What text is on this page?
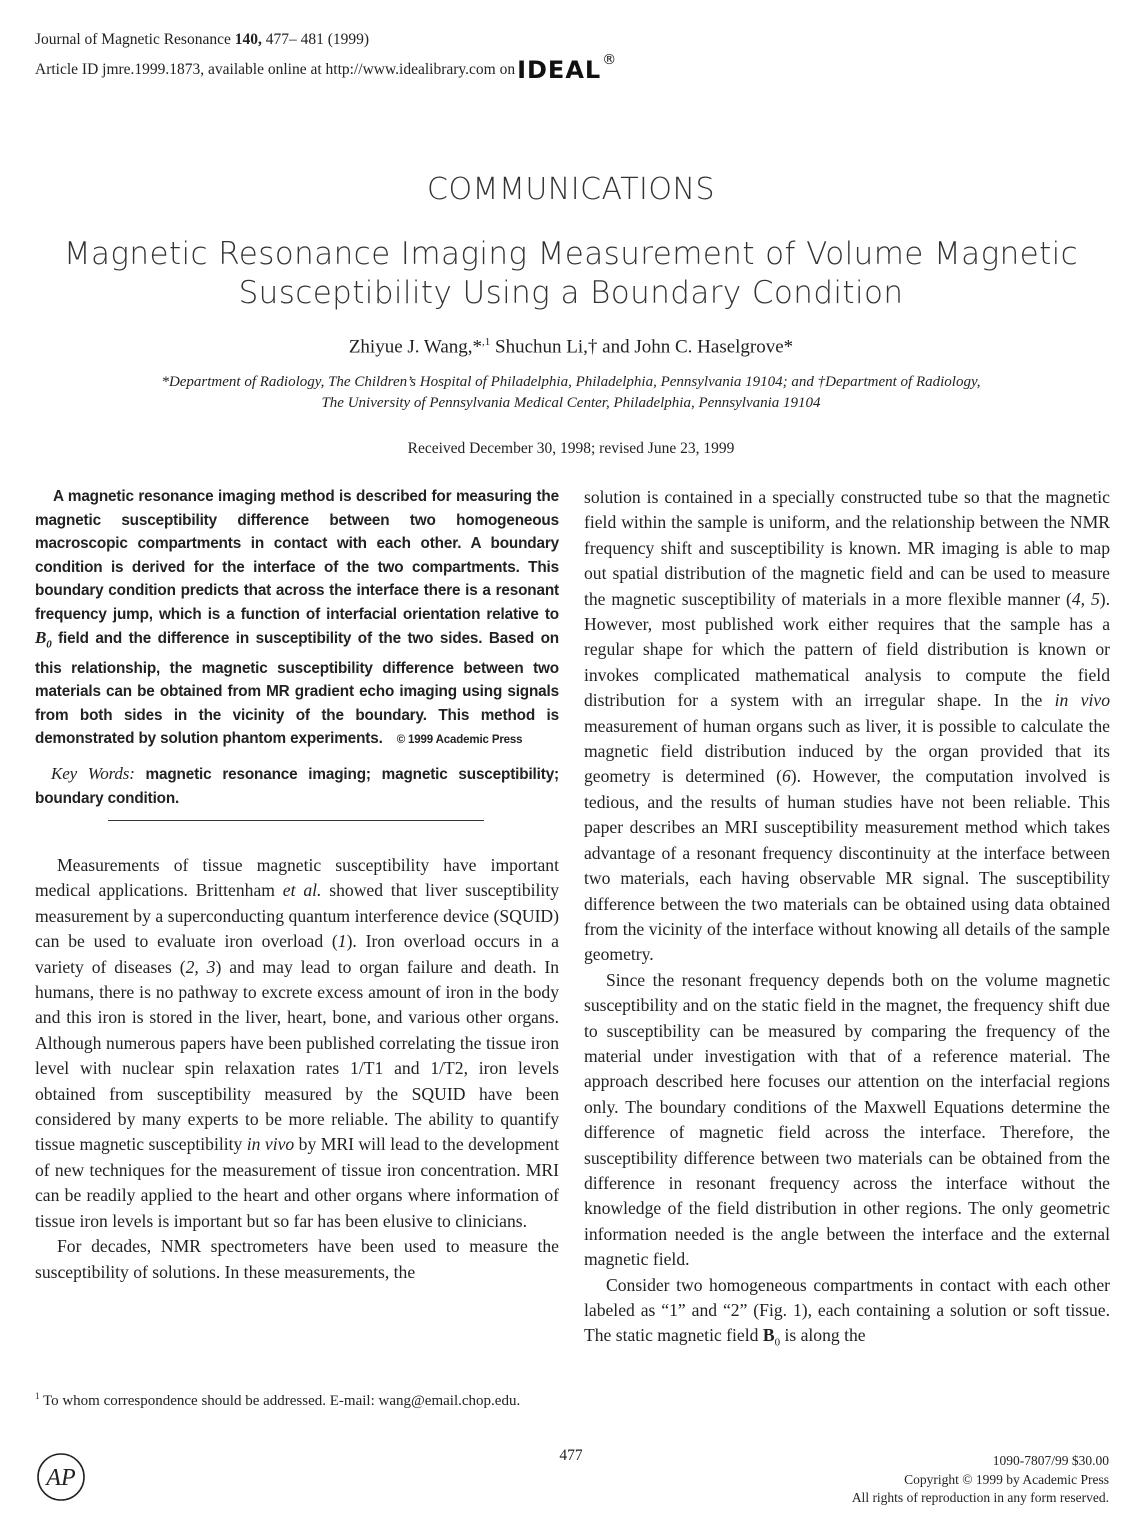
Journal of Magnetic Resonance 140, 477– 481 (1999)
Article ID jmre.1999.1873, available online at http://www.idealibrary.com onIDEAL®
COMMUNICATIONS
Magnetic Resonance Imaging Measurement of Volume Magnetic
Susceptibility Using a Boundary Condition
Zhiyue J. Wang,*$^{,1}$ Shuchun Li,† and John C. Haselgrove*
*Department of Radiology, The Children’s Hospital of Philadelphia, Philadelphia, Pennsylvania 19104; and †Department of Radiology,
The University of Pennsylvania Medical Center, Philadelphia, Pennsylvania 19104
Received December 30, 1998; revised June 23, 1999
A magnetic resonance imaging method is described for measuring the magnetic susceptibility difference between two homogeneous macroscopic compartments in contact with each other. A boundary condition is derived for the interface of the two compartments. This boundary condition predicts that across the interface there is a resonant frequency jump, which is a function of interfacial orientation relative to $B_0$ field and the difference in susceptibility of the two sides. Based on this relationship, the magnetic susceptibility difference between two materials can be obtained from MR gradient echo imaging using signals from both sides in the vicinity of the boundary. This method is demonstrated by solution phantom experiments. © 1999 Academic Press
Key Words: magnetic resonance imaging; magnetic susceptibility; boundary condition.

Measurements of tissue magnetic susceptibility have important medical applications. Brittenham et al. showed that liver susceptibility measurement by a superconducting quantum interference device (SQUID) can be used to evaluate iron overload (1). Iron overload occurs in a variety of diseases (2, 3) and may lead to organ failure and death. In humans, there is no pathway to excrete excess amount of iron in the body and this iron is stored in the liver, heart, bone, and various other organs. Although numerous papers have been published correlating the tissue iron level with nuclear spin relaxation rates 1/T1 and 1/T2, iron levels obtained from susceptibility measured by the SQUID have been considered by many experts to be more reliable. The ability to quantify tissue magnetic susceptibility in vivo by MRI will lead to the development of new techniques for the measurement of tissue iron concentration. MRI can be readily applied to the heart and other organs where information of tissue iron levels is important but so far has been elusive to clinicians.

For decades, NMR spectrometers have been used to measure the susceptibility of solutions. In these measurements, the

solution is contained in a specially constructed tube so that the magnetic field within the sample is uniform, and the relationship between the NMR frequency shift and susceptibility is known. MR imaging is able to map out spatial distribution of the magnetic field and can be used to measure the magnetic susceptibility of materials in a more flexible manner (4, 5). However, most published work either requires that the sample has a regular shape for which the pattern of field distribution is known or invokes complicated mathematical analysis to compute the field distribution for a system with an irregular shape. In the in vivo measurement of human organs such as liver, it is possible to calculate the magnetic field distribution induced by the organ provided that its geometry is determined (6). However, the computation involved is tedious, and the results of human studies have not been reliable. This paper describes an MRI susceptibility measurement method which takes advantage of a resonant frequency discontinuity at the interface between two materials, each having observable MR signal. The susceptibility difference between the two materials can be obtained using data obtained from the vicinity of the interface without knowing all details of the sample geometry.

Since the resonant frequency depends both on the volume magnetic susceptibility and on the static field in the magnet, the frequency shift due to susceptibility can be measured by comparing the frequency of the material under investigation with that of a reference material. The approach described here focuses our attention on the interfacial regions only. The boundary conditions of the Maxwell Equations determine the difference of magnetic field across the interface. Therefore, the susceptibility difference between two materials can be obtained from the difference in resonant frequency across the interface without the knowledge of the field distribution in other regions. The only geometric information needed is the angle between the interface and the external magnetic field.

Consider two homogeneous compartments in contact with each other labeled as “1” and “2” (Fig. 1), each containing a solution or soft tissue. The static magnetic field $B_0$ is along the

$^1$ To whom correspondence should be addressed. E-mail: wang@email.chop.edu.
477
AP
1090-7807/99 $30.00
Copyright © 1999 by Academic Press
All rights of reproduction in any form reserved.
